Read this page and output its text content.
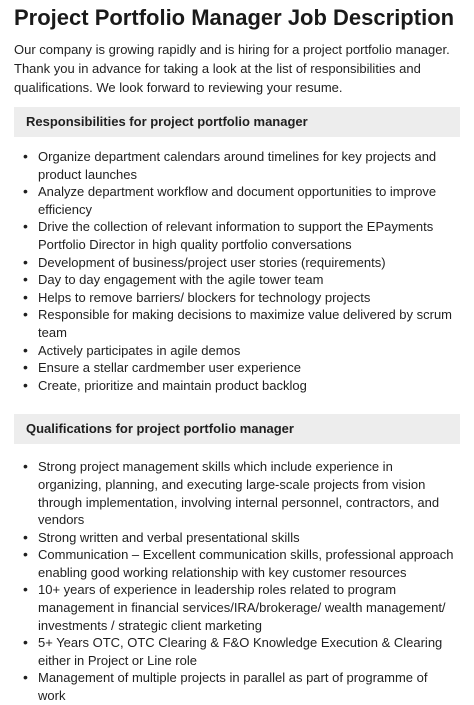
Project Portfolio Manager Job Description

Our company is growing rapidly and is hiring for a project portfolio manager. Thank you in advance for taking a look at the list of responsibilities and qualifications. We look forward to reviewing your resume.

Responsibilities for project portfolio manager
• Organize department calendars around timelines for key projects and product launches
• Analyze department workflow and document opportunities to improve efficiency
• Drive the collection of relevant information to support the EPayments Portfolio Director in high quality portfolio conversations
• Development of business/project user stories (requirements)
• Day to day engagement with the agile tower team
• Helps to remove barriers/ blockers for technology projects
• Responsible for making decisions to maximize value delivered by scrum team
• Actively participates in agile demos
• Ensure a stellar cardmember user experience
• Create, prioritize and maintain product backlog
Qualifications for project portfolio manager
• Strong project management skills which include experience in organizing, planning, and executing large-scale projects from vision through implementation, involving internal personnel, contractors, and vendors
• Strong written and verbal presentational skills
• Communication – Excellent communication skills, professional approach enabling good working relationship with key customer resources
• 10+ years of experience in leadership roles related to program management in financial services/IRA/brokerage/ wealth management/ investments / strategic client marketing
• 5+ Years OTC, OTC Clearing & F&O Knowledge Execution & Clearing either in Project or Line role
• Management of multiple projects in parallel as part of programme of work
